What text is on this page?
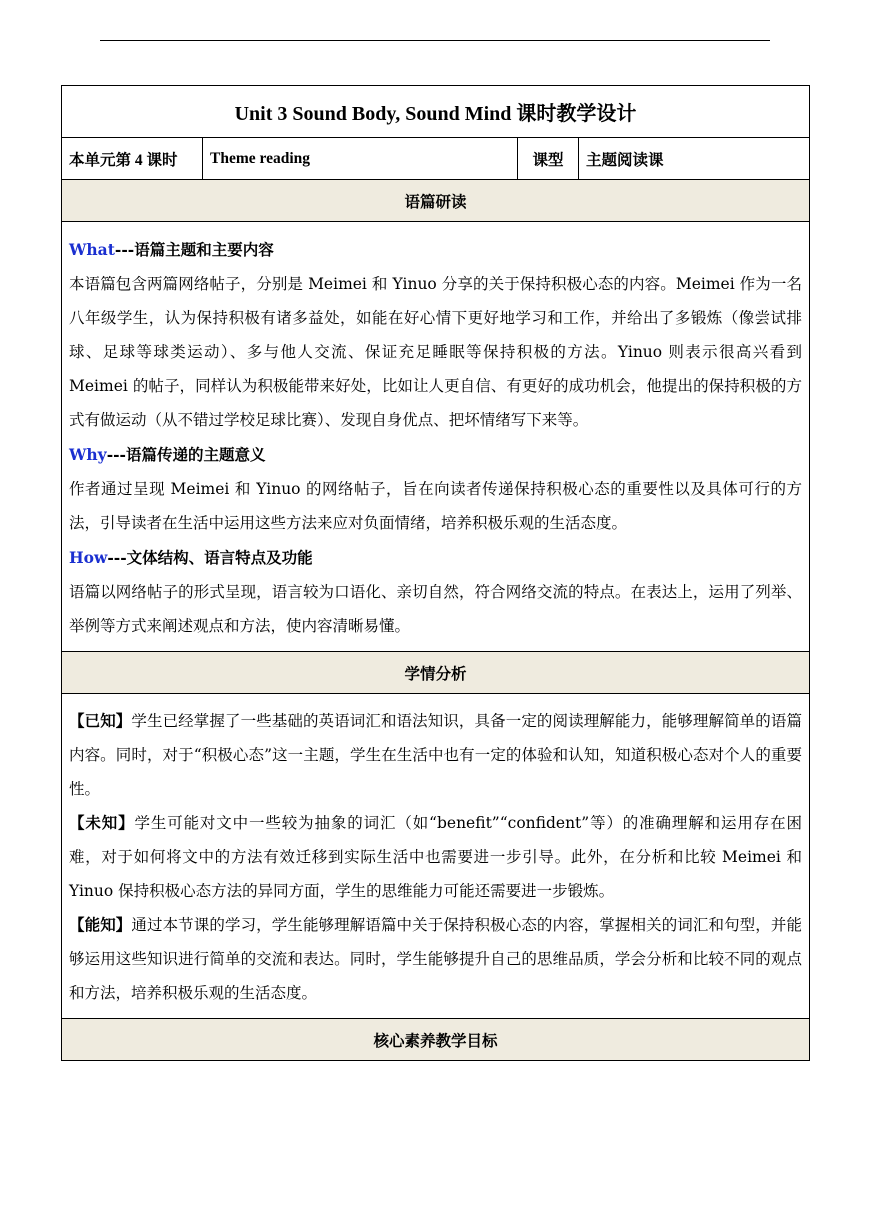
Unit 3 Sound Body, Sound Mind 课时教学设计
本单元第 4 课时	Theme reading	课型	主题阅读课
语篇研读

What---语篇主题和主要内容

本语篇包含两篇网络帖子，分别是 Meimei 和 Yinuo 分享的关于保持积极心态的内容。Meimei 作为一名八年级学生，认为保持积极有诸多益处，如能在好心情下更好地学习和工作，并给出了多锻炼（像尝试排球、足球等球类运动）、多与他人交流、保证充足睡眠等保持积极的方法。Yinuo 则表示很高兴看到 Meimei 的帖子，同样认为积极能带来好处，比如让人更自信、有更好的成功机会，他提出的保持积极的方式有做运动（从不错过学校足球比赛）、发现自身优点、把坏情绪写下来等。

Why---语篇传递的主题意义

作者通过呈现 Meimei 和 Yinuo 的网络帖子，旨在向读者传递保持积极心态的重要性以及具体可行的方法，引导读者在生活中运用这些方法来应对负面情绪，培养积极乐观的生活态度。

How---文体结构、语言特点及功能

语篇以网络帖子的形式呈现，语言较为口语化、亲切自然，符合网络交流的特点。在表达上，运用了列举、举例等方式来阐述观点和方法，使内容清晰易懂。

学情分析

【已知】学生已经掌握了一些基础的英语词汇和语法知识，具备一定的阅读理解能力，能够理解简单的语篇内容。同时，对于“积极心态”这一主题，学生在生活中也有一定的体验和认知，知道积极心态对个人的重要性。

【未知】学生可能对文中一些较为抽象的词汇（如“benefit”“confident”等）的准确理解和运用存在困难，对于如何将文中的方法有效迁移到实际生活中也需要进一步引导。此外，在分析和比较 Meimei 和 Yinuo 保持积极心态方法的异同方面，学生的思维能力可能还需要进一步锻炼。

【能知】通过本节课的学习，学生能够理解语篇中关于保持积极心态的内容，掌握相关的词汇和句型，并能够运用这些知识进行简单的交流和表达。同时，学生能够提升自己的思维品质，学会分析和比较不同的观点和方法，培养积极乐观的生活态度。

核心素养教学目标
